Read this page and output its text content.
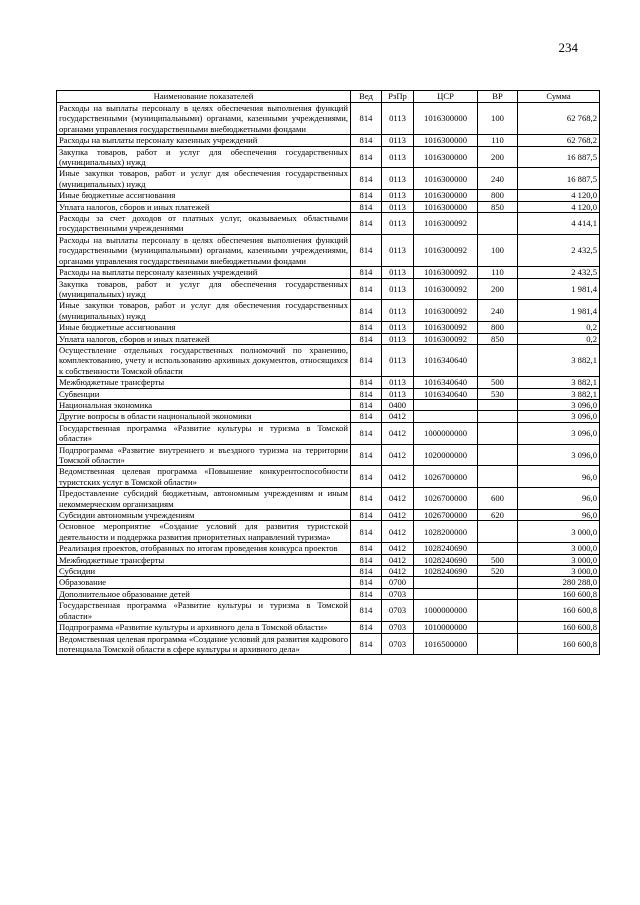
234
Наименование показателей	Вед	РзПр	ЦСР	ВР	Сумма
Расходы на выплаты персоналу в целях обеспечения выполнения функций государственными (муниципальными) органами, казенными учреждениями, органами управления государственными внебюджетными фондами	814	0113	1016300000	100	62 768,2
Расходы на выплаты персоналу казенных учреждений	814	0113	1016300000	110	62 768,2
Закупка товаров, работ и услуг для обеспечения государственных (муниципальных) нужд	814	0113	1016300000	200	16 887,5
Иные закупки товаров, работ и услуг для обеспечения государственных (муниципальных) нужд	814	0113	1016300000	240	16 887,5
Иные бюджетные ассигнования	814	0113	1016300000	800	4 120,0
Уплата налогов, сборов и иных платежей	814	0113	1016300000	850	4 120,0
Расходы за счет доходов от платных услуг, оказываемых областными государственными учреждениями	814	0113	1016300092		4 414,1
Расходы на выплаты персоналу в целях обеспечения выполнения функций государственными (муниципальными) органами, казенными учреждениями, органами управления государственными внебюджетными фондами	814	0113	1016300092	100	2 432,5
Расходы на выплаты персоналу казенных учреждений	814	0113	1016300092	110	2 432,5
Закупка товаров, работ и услуг для обеспечения государственных (муниципальных) нужд	814	0113	1016300092	200	1 981,4
Иные закупки товаров, работ и услуг для обеспечения государственных (муниципальных) нужд	814	0113	1016300092	240	1 981,4
Иные бюджетные ассигнования	814	0113	1016300092	800	0,2
Уплата налогов, сборов и иных платежей	814	0113	1016300092	850	0,2
Осуществление отдельных государственных полномочий по хранению, комплектованию, учету и использованию архивных документов, относящихся к собственности Томской области	814	0113	1016340640		3 882,1
Межбюджетные трансферты	814	0113	1016340640	500	3 882,1
Субвенции	814	0113	1016340640	530	3 882,1
Национальная экономика	814	0400			3 096,0
Другие вопросы в области национальной экономики	814	0412			3 096,0
Государственная программа «Развитие культуры и туризма в Томской области»	814	0412	1000000000		3 096,0
Подпрограмма «Развитие внутреннего и въездного туризма на территории Томской области»	814	0412	1020000000		3 096,0
Ведомственная целевая программа «Повышение конкурентоспособности туристских услуг в Томской области»	814	0412	1026700000		96,0
Предоставление субсидий бюджетным, автономным учреждениям и иным некоммерческим организациям	814	0412	1026700000	600	96,0
Субсидии автономным учреждениям	814	0412	1026700000	620	96,0
Основное мероприятие «Создание условий для развития туристской деятельности и поддержка развития приоритетных направлений туризма»	814	0412	1028200000		3 000,0
Реализация проектов, отобранных по итогам проведения конкурса проектов	814	0412	1028240690		3 000,0
Межбюджетные трансферты	814	0412	1028240690	500	3 000,0
Субсидии	814	0412	1028240690	520	3 000,0
Образование	814	0700			280 288,0
Дополнительное образование детей	814	0703			160 600,8
Государственная программа «Развитие культуры и туризма в Томской области»	814	0703	1000000000		160 600,8
Подпрограмма «Развитие культуры и архивного дела в Томской области»	814	0703	1010000000		160 600,8
Ведомственная целевая программа «Создание условий для развития кадрового потенциала Томской области в сфере культуры и архивного дела»	814	0703	1016500000		160 600,8
